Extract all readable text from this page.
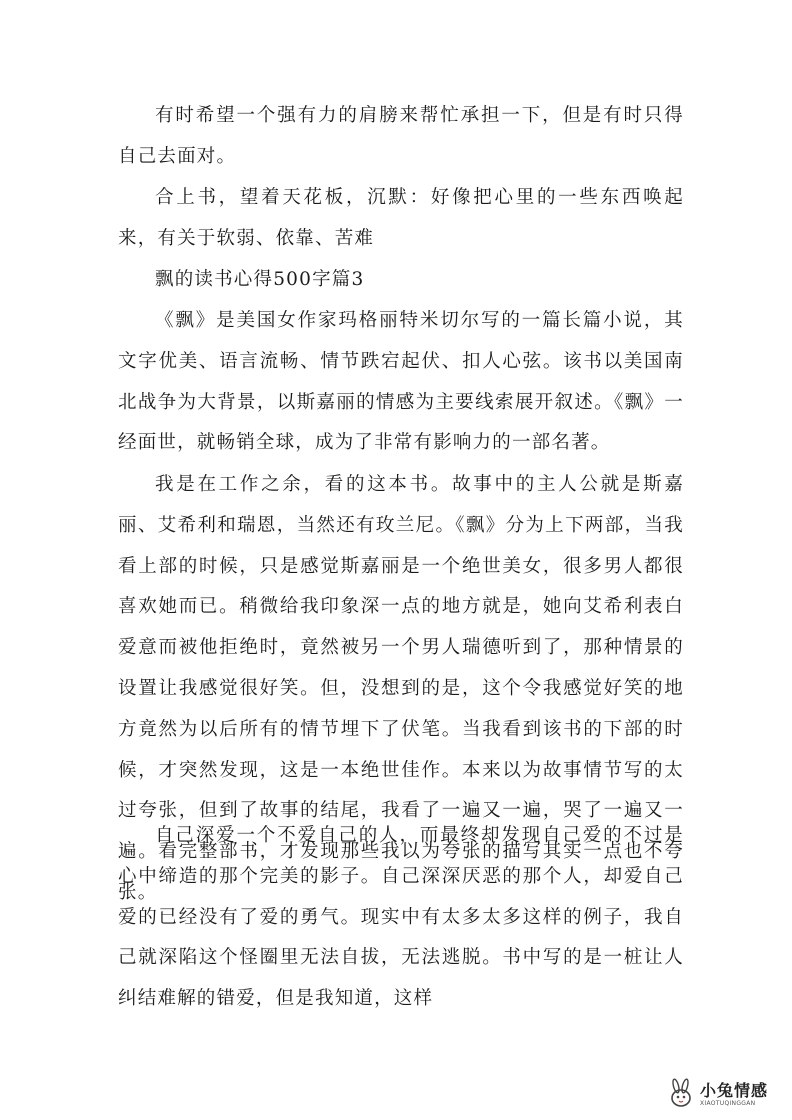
有时希望一个强有力的肩膀来帮忙承担一下，但是有时只得自己去面对。

合上书，望着天花板，沉默：好像把心里的一些东西唤起来，有关于软弱、依靠、苦难

飘的读书心得500字篇3

《飘》是美国女作家玛格丽特米切尔写的一篇长篇小说，其文字优美、语言流畅、情节跌宕起伏、扣人心弦。该书以美国南北战争为大背景，以斯嘉丽的情感为主要线索展开叙述。《飘》一经面世，就畅销全球，成为了非常有影响力的一部名著。

我是在工作之余，看的这本书。故事中的主人公就是斯嘉丽、艾希利和瑞恩，当然还有玫兰尼。《飘》分为上下两部，当我看上部的时候，只是感觉斯嘉丽是一个绝世美女，很多男人都很喜欢她而已。稍微给我印象深一点的地方就是，她向艾希利表白爱意而被他拒绝时，竟然被另一个男人瑞德听到了，那种情景的设置让我感觉很好笑。但，没想到的是，这个令我感觉好笑的地方竟然为以后所有的情节埋下了伏笔。当我看到该书的下部的时候，才突然发现，这是一本绝世佳作。本来以为故事情节写的太过夸张，但到了故事的结尾，我看了一遍又一遍，哭了一遍又一遍。看完整部书，才发现那些我以为夸张的描写其实一点也不夸张。

自己深爱一个不爱自己的人，而最终却发现自己爱的不过是心中缔造的那个完美的影子。自己深深厌恶的那个人，却爱自己爱的已经没有了爱的勇气。现实中有太多太多这样的例子，我自己就深陷这个怪圈里无法自拔，无法逃脱。书中写的是一桩让人纠结难解的错爱，但是我知道，这样

小兔情感
XIAOTUQINGGAN
